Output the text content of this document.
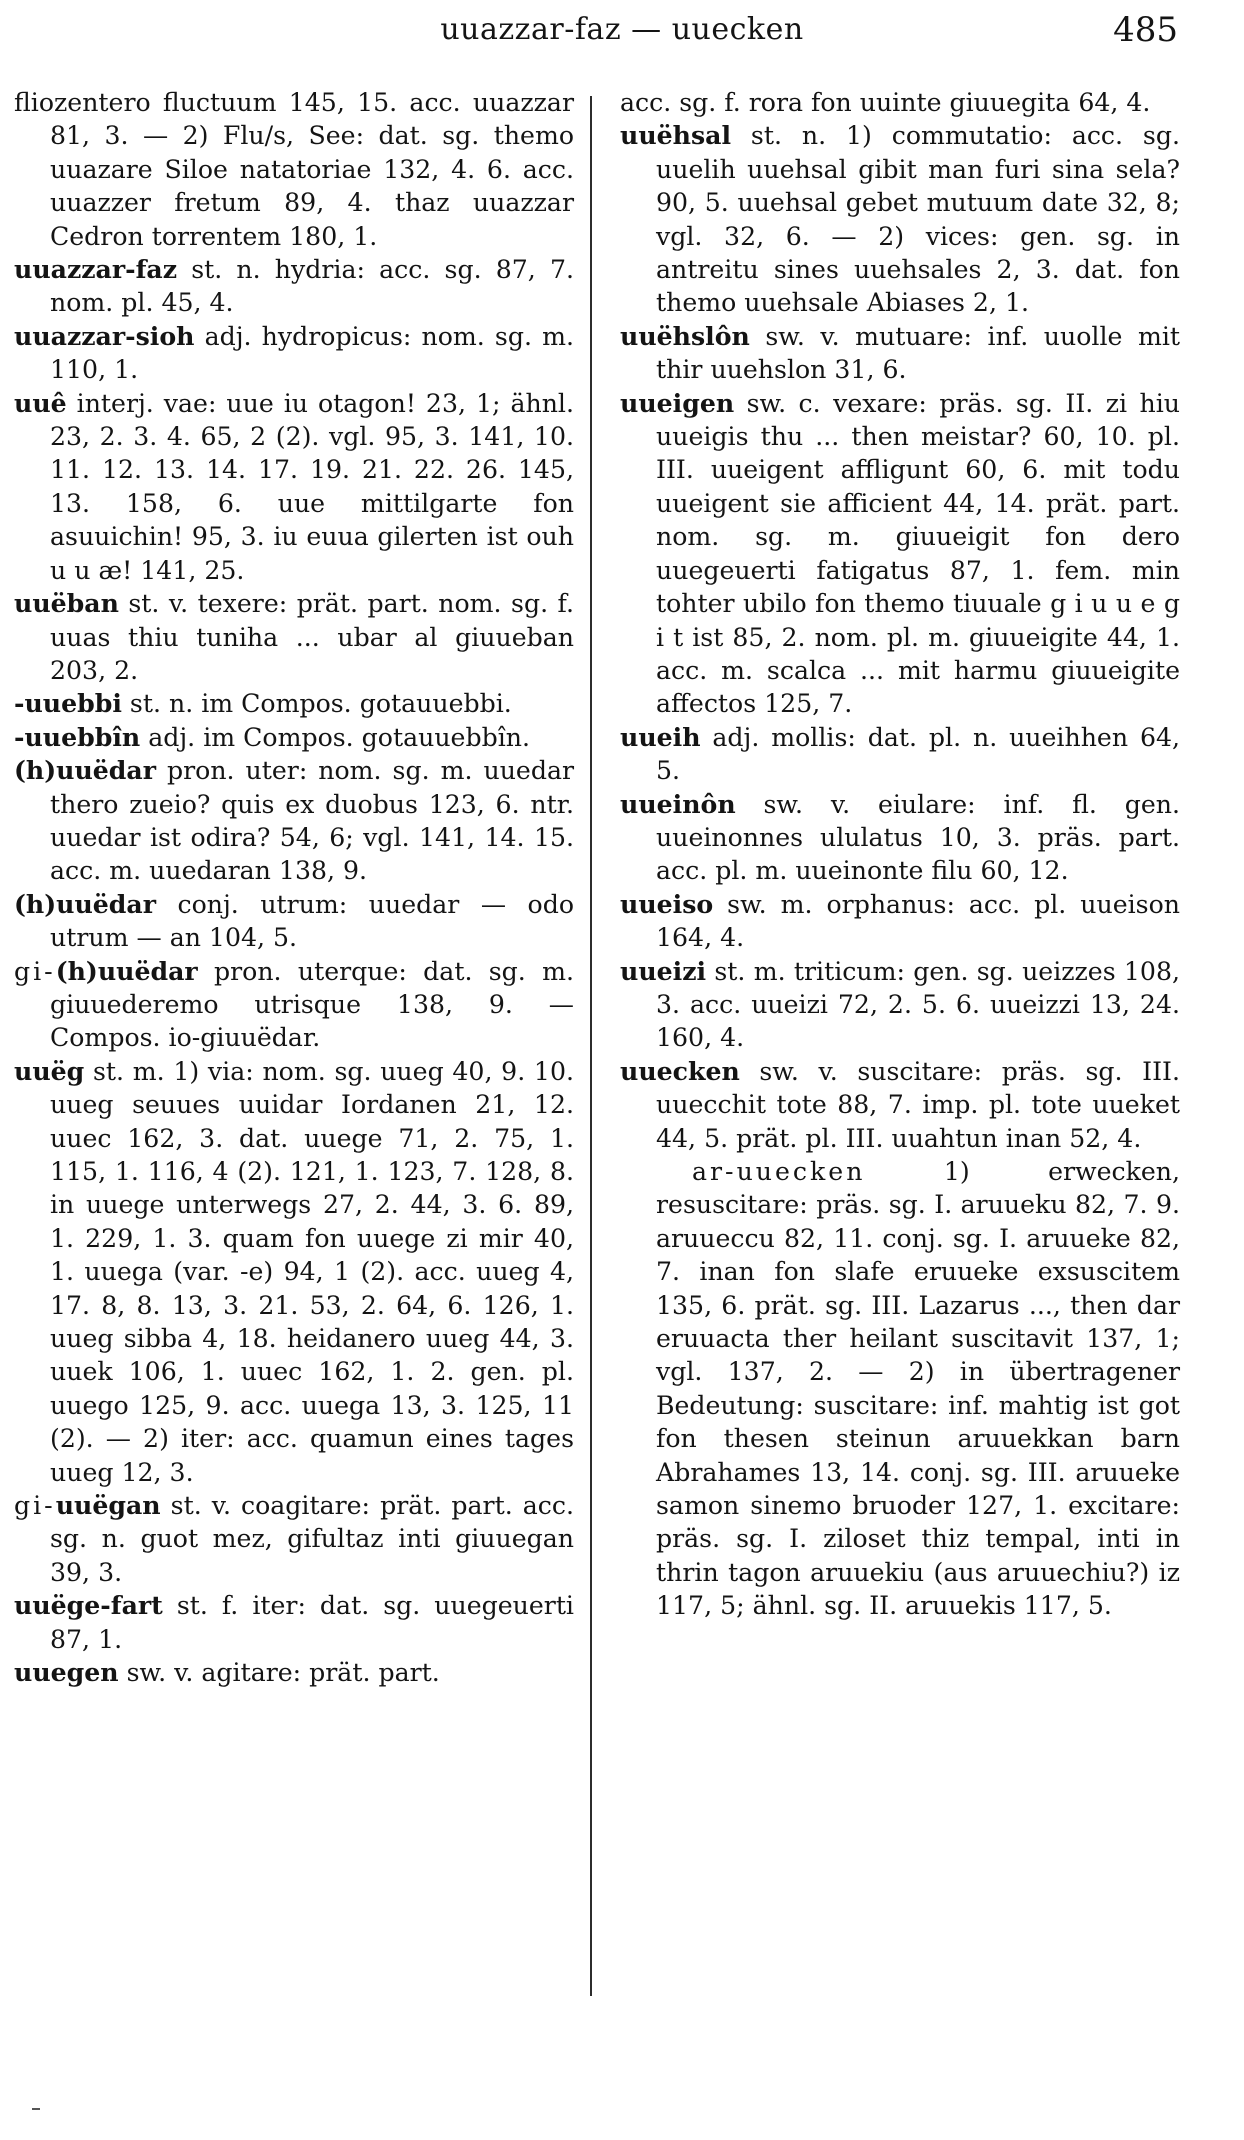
uuazzar-faz — uuecken	485
fliozentero fluctuum 145, 15. acc. uuazzar 81, 3. — 2) Flu/s, See: dat. sg. themo uuazare Siloe natatoriae 132, 4. 6. acc. uuazzer fretum 89, 4. thaz uuazzar Cedron torrentem 180, 1.
uuazzar-faz st. n. hydria: acc. sg. 87, 7. nom. pl. 45, 4.
uuazzar-sioh adj. hydropicus: nom. sg. m. 110, 1.
uuê interj. vae: uue iu otagon! 23, 1; ähnl. 23, 2. 3. 4. 65, 2 (2). vgl. 95, 3. 141, 10. 11. 12. 13. 14. 17. 19. 21. 22. 26. 145, 13. 158, 6. uue mittilgarte fon asuuichin! 95, 3. iu euua gilerten ist ouh u u æ! 141, 25.
uuëban st. v. texere: prät. part. nom. sg. f. uuas thiu tuniha ... ubar al giuueban 203, 2.
-uuebbi st. n. im Compos. gotauuebbi.
-uuebbîn adj. im Compos. gotauuebbîn.
(h)uuëdar pron. uter: nom. sg. m. uuedar thero zueio? quis ex duobus 123, 6. ntr. uuedar ist odira? 54, 6; vgl. 141, 14. 15. acc. m. uuedaran 138, 9.
(h)uuëdar conj. utrum: uuedar — odo utrum — an 104, 5.
gi-(h)uuëdar pron. uterque: dat. sg. m. giuuederemo utrisque 138, 9. — Compos. io-giuuëdar.
uuëg st. m. 1) via: nom. sg. uueg 40, 9. 10. uueg seuues uuidar Iordanen 21, 12. uuec 162, 3. dat. uuege 71, 2. 75, 1. 115, 1. 116, 4 (2). 121, 1. 123, 7. 128, 8. in uuege unterwegs 27, 2. 44, 3. 6. 89, 1. 229, 1. 3. quam fon uuege zi mir 40, 1. uuega (var. -e) 94, 1 (2). acc. uueg 4, 17. 8, 8. 13, 3. 21. 53, 2. 64, 6. 126, 1. uueg sibba 4, 18. heidanero uueg 44, 3. uuek 106, 1. uuec 162, 1. 2. gen. pl. uuego 125, 9. acc. uuega 13, 3. 125, 11 (2). — 2) iter: acc. quamun eines tages uueg 12, 3.
gi-uuëgan st. v. coagitare: prät. part. acc. sg. n. guot mez, gifultaz inti giuuegan 39, 3.
uuëge-fart st. f. iter: dat. sg. uuegeuerti 87, 1.
uuegen sw. v. agitare: prät. part.
acc. sg. f. rora fon uuinte giuuegita 64, 4.
uuëhsal st. n. 1) commutatio: acc. sg. uuelih uuehsal gibit man furi sina sela? 90, 5. uuehsal gebet mutuum date 32, 8; vgl. 32, 6. — 2) vices: gen. sg. in antreitu sines uuehsales 2, 3. dat. fon themo uuehsale Abiases 2, 1.
uuëhslôn sw. v. mutuare: inf. uuolle mit thir uuehslon 31, 6.
uueigen sw. c. vexare: präs. sg. II. zi hiu uueigis thu ... then meistar? 60, 10. pl. III. uueigent affligunt 60, 6. mit todu uueigent sie afficient 44, 14. prät. part. nom. sg. m. giuueigit fon dero uuegeuerti fatigatus 87, 1. fem. min tohter ubilo fon themo tiuuale g i u u e g i t ist 85, 2. nom. pl. m. giuueigite 44, 1. acc. m. scalca ... mit harmu giuueigite affectos 125, 7.
uueih adj. mollis: dat. pl. n. uueihhen 64, 5.
uueinôn sw. v. eiulare: inf. fl. gen. uueinonnes ululatus 10, 3. präs. part. acc. pl. m. uueinonte filu 60, 12.
uueiso sw. m. orphanus: acc. pl. uueison 164, 4.
uueizi st. m. triticum: gen. sg. ueizzes 108, 3. acc. uueizi 72, 2. 5. 6. uueizzi 13, 24. 160, 4.
uuecken sw. v. suscitare: präs. sg. III. uuecchit tote 88, 7. imp. pl. tote uueket 44, 5. prät. pl. III. uuahtun inan 52, 4.
ar-uuecken 1) erwecken, resuscitare: präs. sg. I. aruueku 82, 7. 9. aruueccu 82, 11. conj. sg. I. aruueke 82, 7. inan fon slafe eruueke exsuscitem 135, 6. prät. sg. III. Lazarus ..., then dar eruuacta ther heilant suscitavit 137, 1; vgl. 137, 2. — 2) in übertragener Bedeutung: suscitare: inf. mahtig ist got fon thesen steinun aruuekkan barn Abrahames 13, 14. conj. sg. III. aruueke samon sinemo bruoder 127, 1. excitare: präs. sg. I. ziloset thiz tempal, inti in thrin tagon aruuekiu (aus aruuechiu?) iz 117, 5; ähnl. sg. II. aruuekis 117, 5.
